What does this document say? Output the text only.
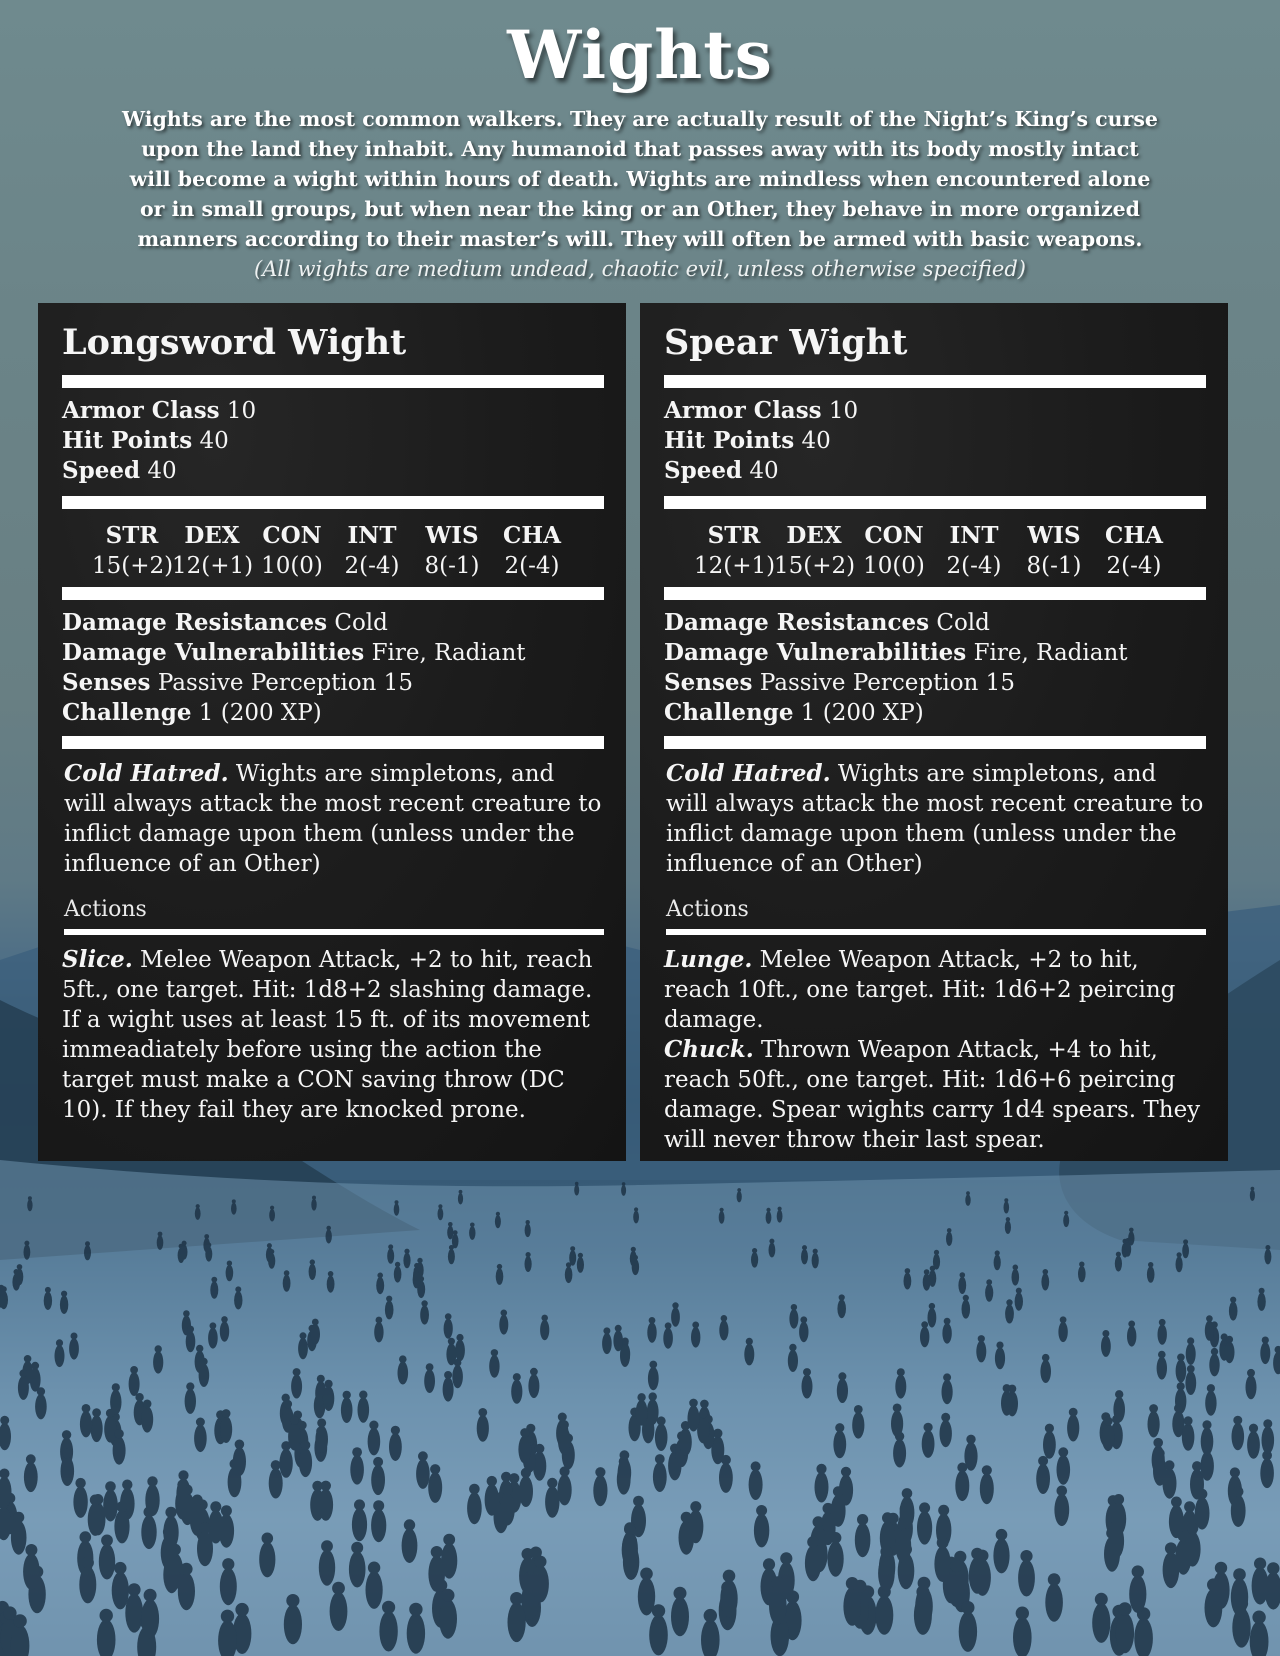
Wights
Wights are the most common walkers. They are actually result of the Night’s King’s curse upon the land they inhabit. Any humanoid that passes away with its body mostly intact will become a wight within hours of death. Wights are mindless when encountered alone or in small groups, but when near the king or an Other, they behave in more organized manners according to their master’s will. They will often be armed with basic weapons.
(All wights are medium undead, chaotic evil, unless otherwise specified)
Longsword Wight

Armor Class 10

Hit Points 40

Speed 40

STR
15(+2)
DEX
12(+1)
CON
10(0)
INT
2(-4)
WIS
8(-1)
CHA
2(-4)

Damage Resistances Cold

Damage Vulnerabilities Fire, Radiant

Senses Passive Perception 15

Challenge 1 (200 XP)

Cold Hatred. Wights are simpletons, and will always attack the most recent creature to inflict damage upon them (unless under the influence of an Other)

Actions

Slice. Melee Weapon Attack, +2 to hit, reach 5ft., one target. Hit: 1d8+2 slashing damage. If a wight uses at least 15 ft. of its movement immeadiately before using the action the target must make a CON saving throw (DC 10). If they fail they are knocked prone.

Spear Wight

Armor Class 10

Hit Points 40

Speed 40

STR
12(+1)
DEX
15(+2)
CON
10(0)
INT
2(-4)
WIS
8(-1)
CHA
2(-4)

Damage Resistances Cold

Damage Vulnerabilities Fire, Radiant

Senses Passive Perception 15

Challenge 1 (200 XP)

Cold Hatred. Wights are simpletons, and will always attack the most recent creature to inflict damage upon them (unless under the influence of an Other)

Actions

Lunge. Melee Weapon Attack, +2 to hit, reach 10ft., one target. Hit: 1d6+2 peircing damage.

Chuck. Thrown Weapon Attack, +4 to hit, reach 50ft., one target. Hit: 1d6+6 peircing damage. Spear wights carry 1d4 spears. They will never throw their last spear.
